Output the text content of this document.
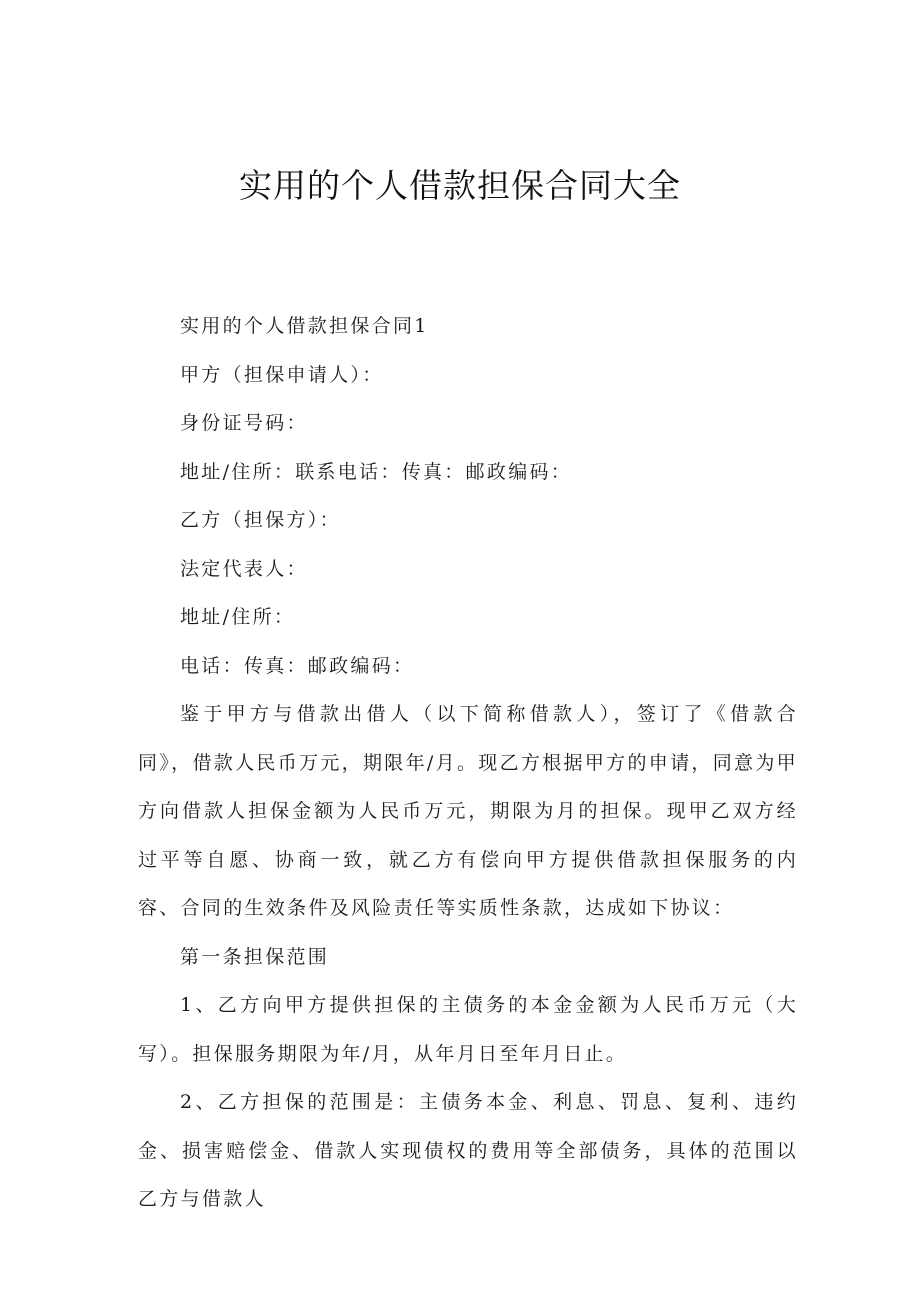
实用的个人借款担保合同大全

实用的个人借款担保合同1

甲方（担保申请人）：

身份证号码：

地址/住所：联系电话：传真：邮政编码：

乙方（担保方）：

法定代表人：

地址/住所：

电话：传真：邮政编码：

鉴于甲方与借款出借人（以下简称借款人），签订了《借款合同》，借款人民币万元，期限年/月。现乙方根据甲方的申请，同意为甲方向借款人担保金额为人民币万元，期限为月的担保。现甲乙双方经过平等自愿、协商一致，就乙方有偿向甲方提供借款担保服务的内容、合同的生效条件及风险责任等实质性条款，达成如下协议：

第一条担保范围

1、乙方向甲方提供担保的主债务的本金金额为人民币万元（大写）。担保服务期限为年/月，从年月日至年月日止。

2、乙方担保的范围是：主债务本金、利息、罚息、复利、违约金、损害赔偿金、借款人实现债权的费用等全部债务，具体的范围以乙方与借款人
